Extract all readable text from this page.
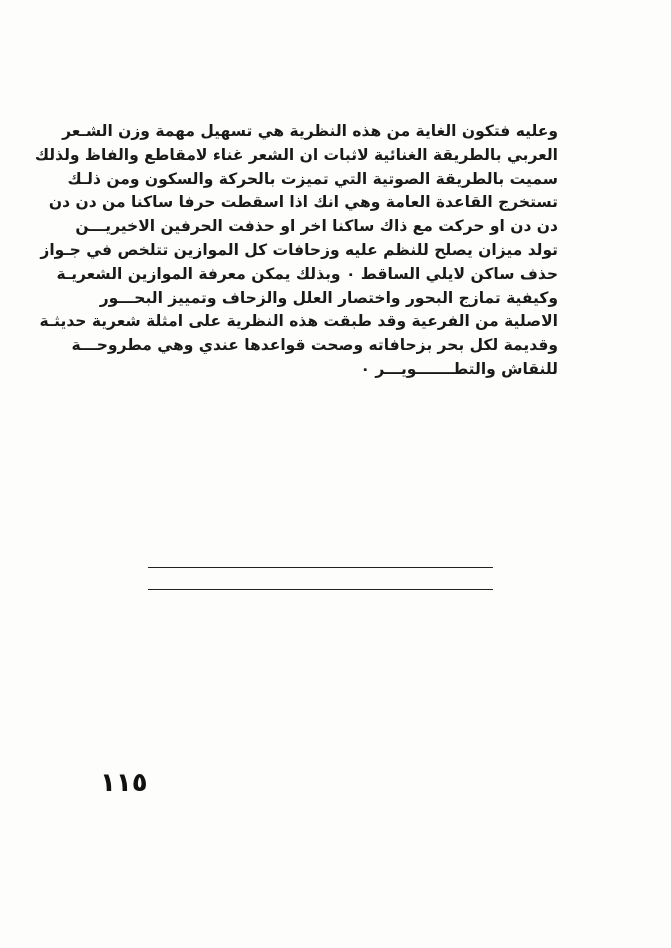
وعليه فتكون الغاية من هذه النظرية هي تسهيل مهمة وزن الشـعر
العربي بالطريقة الغنائية لاثبات ان الشعر غناء لامقاطع والفاظ ولذلك
سميت بالطريقة الصوتية التي تميزت بالحركة والسكون ومن ذلـك
تستخرج القاعدة العامة وهي انك اذا اسقطت حرفا ساكنا من دن دن
دن دن او حركت مع ذاك ساكنا اخر او حذفت الحرفين الاخيريـــن
تولد ميزان يصلح للنظم عليه وزحافات كل الموازين تتلخص في جـواز
حذف ساكن لايلي الساقط ٠ وبذلك يمكن معرفة الموازين الشعريـة
وكيفية تمازج البحور واختصار العلل والزحاف وتمييز البحـــور
الاصلية من الفرعية وقد طبقت هذه النظرية على امثلة شعرية حديثـة
وقديمة لكل بحر بزحافاته وصحت قواعدها عندي وهي مطروحـــة
للنقاش والتطـــــــويـــر ٠
١١٥
